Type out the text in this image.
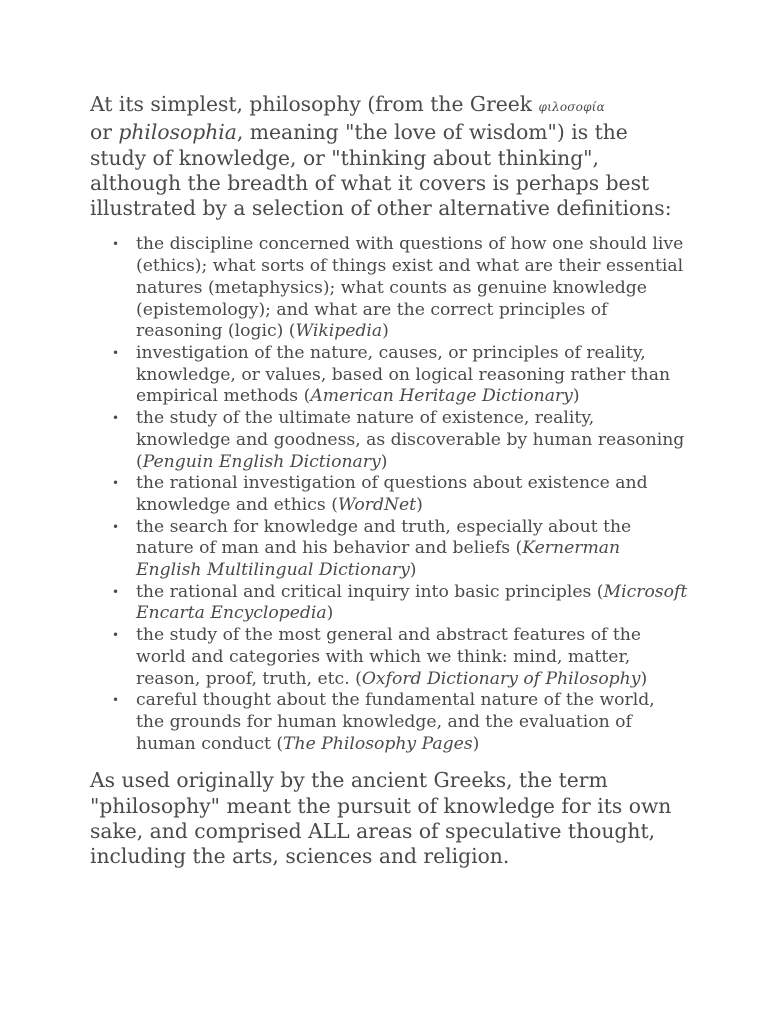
At its simplest, philosophy (from the Greek φιλοσοφία
or philosophia, meaning "the love of wisdom") is the study of knowledge, or "thinking about thinking", although the breadth of what it covers is perhaps best illustrated by a selection of other alternative definitions:

• the discipline concerned with questions of how one should live (ethics); what sorts of things exist and what are their essential natures (metaphysics); what counts as genuine knowledge (epistemology); and what are the correct principles of reasoning (logic) (Wikipedia)
• investigation of the nature, causes, or principles of reality, knowledge, or values, based on logical reasoning rather than empirical methods (American Heritage Dictionary)
• the study of the ultimate nature of existence, reality, knowledge and goodness, as discoverable by human reasoning (Penguin English Dictionary)
• the rational investigation of questions about existence and knowledge and ethics (WordNet)
• the search for knowledge and truth, especially about the nature of man and his behavior and beliefs (Kernerman English Multilingual Dictionary)
• the rational and critical inquiry into basic principles (Microsoft Encarta Encyclopedia)
• the study of the most general and abstract features of the world and categories with which we think: mind, matter, reason, proof, truth, etc. (Oxford Dictionary of Philosophy)
• careful thought about the fundamental nature of the world, the grounds for human knowledge, and the evaluation of human conduct (The Philosophy Pages)

As used originally by the ancient Greeks, the term "philosophy" meant the pursuit of knowledge for its own sake, and comprised ALL areas of speculative thought, including the arts, sciences and religion.
